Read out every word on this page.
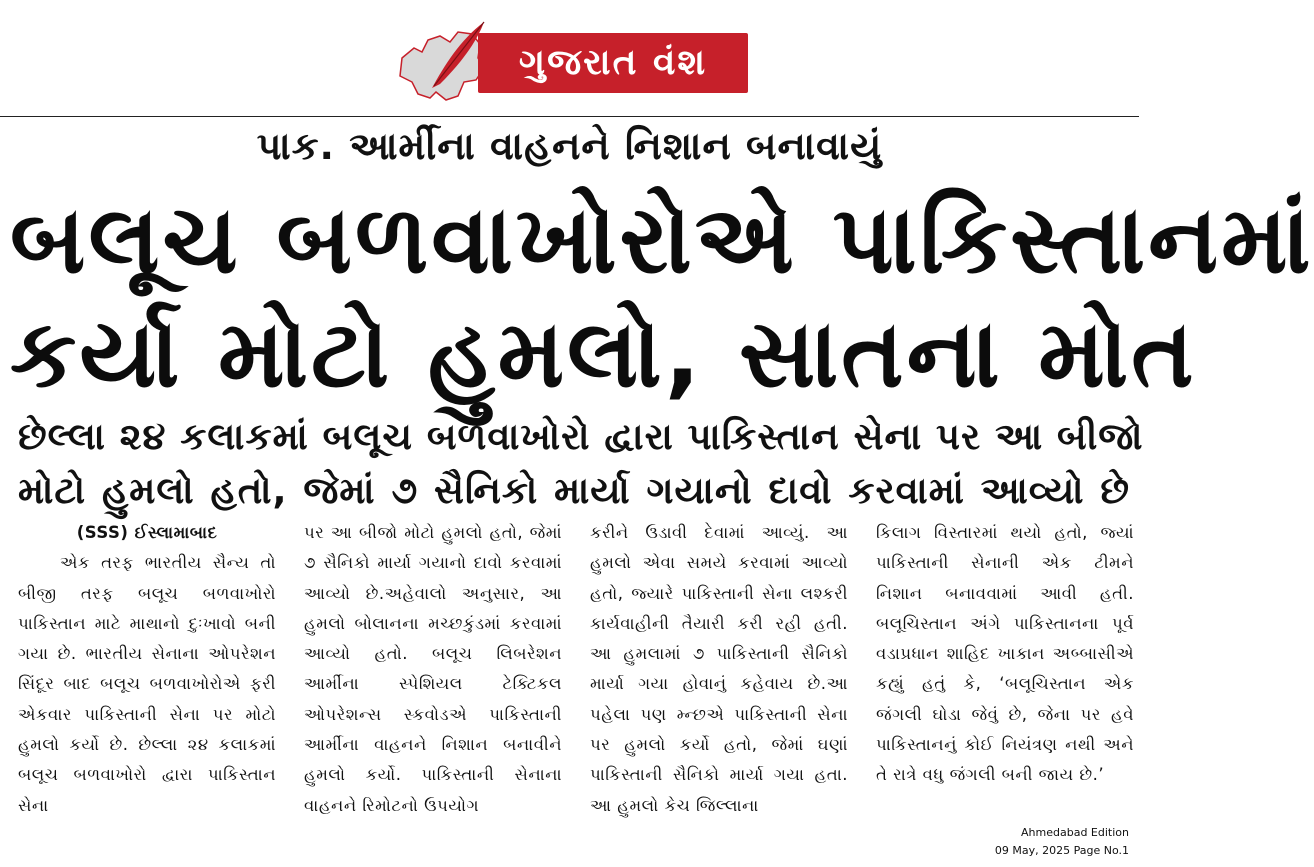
ગુજરાત વંશ
પાક. આર્મીના વાહનને નિશાન બનાવાયું
બલૂચ બળવાખોરોએ પાકિસ્તાનમાં
કર્યા મોટો હુમલો, સાતના મોત
છેલ્લા ૨૪ કલાકમાં બલૂચ બળવાખોરો દ્વારા પાકિસ્તાન સેના પર આ બીજો
મોટો હુમલો હતો, જેમાં ૭ સૈનિકો માર્યા ગયાનો દાવો કરવામાં આવ્યો છે

(SSS) ઈસ્લામાબાદ

એક તરફ ભારતીય સૈન્ય તો બીજી તરફ બલૂચ બળવાખોરો પાકિસ્તાન માટે માથાનો દુઃખાવો બની ગયા છે. ભારતીય સેનાના ઓપરેશન સિંદૂર બાદ બલૂચ બળવાખોરોએ ફરી એકવાર પાકિસ્તાની સેના પર મોટો હુમલો કર્યો છે. છેલ્લા ૨૪ કલાકમાં બલૂચ બળવાખોરો દ્વારા પાકિસ્તાન સેના

પર આ બીજો મોટો હુમલો હતો, જેમાં ૭ સૈનિકો માર્યા ગયાનો દાવો કરવામાં આવ્યો છે.અહેવાલો અનુસાર, આ હુમલો બોલાનના મચ્છકુંડમાં કરવામાં આવ્યો હતો. બલૂચ લિબરેશન આર્મીના સ્પેશિયલ ટેક્ટિકલ ઓપરેશન્સ સ્કવોડએ પાકિસ્તાની આર્મીના વાહનને નિશાન બનાવીને હુમલો કર્યો. પાકિસ્તાની સેનાના વાહનને રિમોટનો ઉપયોગ

કરીને ઉડાવી દેવામાં આવ્યું. આ હુમલો એવા સમયે કરવામાં આવ્યો હતો, જ્યારે પાકિસ્તાની સેના લશ્કરી કાર્યવાહીની તૈયારી કરી રહી હતી. આ હુમલામાં ૭ પાકિસ્તાની સૈનિકો માર્યા ગયા હોવાનું કહેવાય છે.આ પહેલા પણ મ્ન્છએ પાકિસ્તાની સેના પર હુમલો કર્યો હતો, જેમાં ઘણાં પાકિસ્તાની સૈનિકો માર્યા ગયા હતા. આ હુમલો કેચ જિલ્લાના

કિલાગ વિસ્તારમાં થયો હતો, જ્યાં પાકિસ્તાની સેનાની એક ટીમને નિશાન બનાવવામાં આવી હતી. બલૂચિસ્તાન અંગે પાકિસ્તાનના પૂર્વ વડાપ્રધાન શાહિદ ખાકાન અબ્બાસીએ કહ્યું હતું કે, ‘બલૂચિસ્તાન એક જંગલી ઘોડા જેવું છે, જેના પર હવે પાકિસ્તાનનું કોઈ નિયંત્રણ નથી અને તે રાત્રે વધુ જંગલી બની જાય છે.’

Ahmedabad Edition
09 May, 2025 Page No.1
